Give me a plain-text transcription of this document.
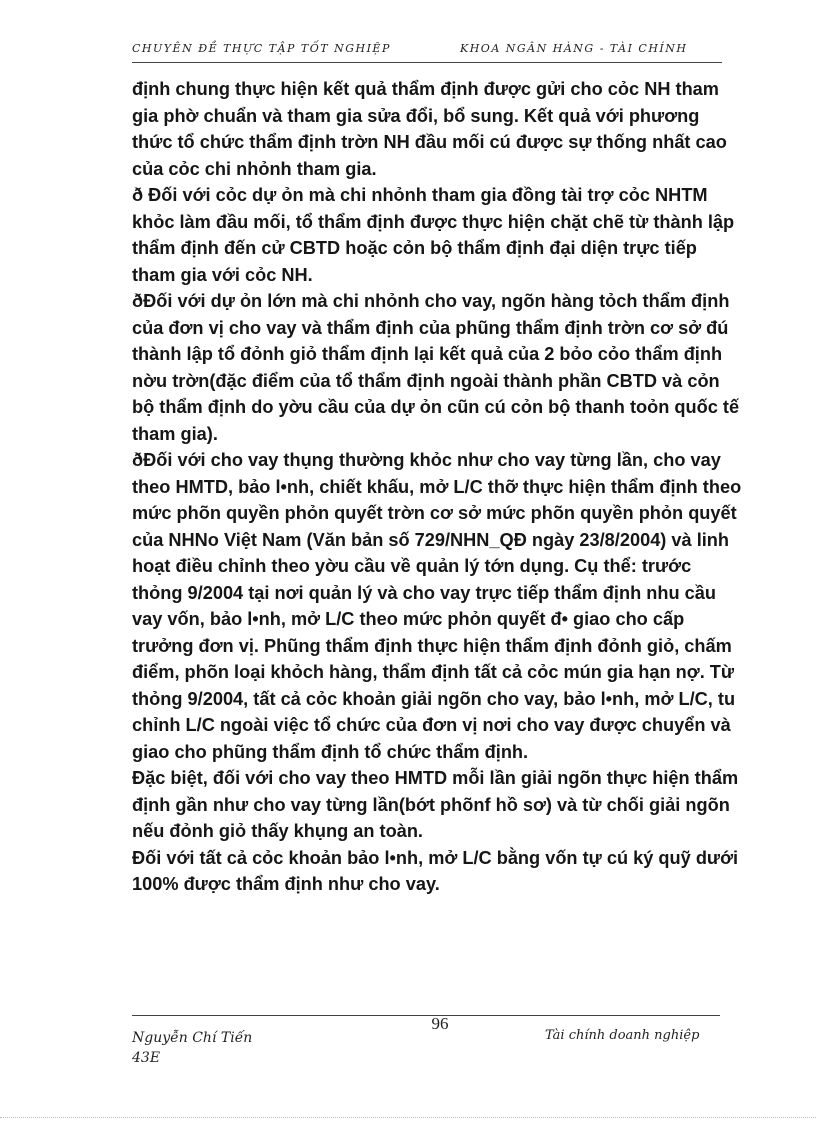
CHUYÊN ĐỀ THỰC TẬP TỐT NGHIỆP	KHOA NGÂN HÀNG - TÀI CHÍNH

định chung thực hiện kết quả thẩm định được gửi cho cỏc NH tham gia phờ chuẩn và tham gia sửa đổi, bổ sung. Kết quả với phương thức tổ chức thẩm định trờn NH đầu mối cú được sự thống nhất cao của cỏc chi nhỏnh tham gia.

ð Đối với cỏc dự ỏn mà chi nhỏnh tham gia đồng tài trợ cỏc NHTM khỏc làm đầu mối, tổ thẩm định được thực hiện chặt chẽ từ thành lập thẩm định đến cử CBTD hoặc cỏn bộ thẩm định đại diện trực tiếp tham gia với cỏc NH.

ðĐối với dự ỏn lớn mà chi nhỏnh cho vay, ngõn hàng tỏch thẩm định của đơn vị cho vay và thẩm định của phũng thẩm định trờn cơ sở đú thành lập tổ đỏnh giỏ thẩm định lại kết quả của 2 bỏo cỏo thẩm định nờu trờn(đặc điểm của tổ thẩm định ngoài thành phần CBTD và cỏn bộ thẩm định do yờu cầu của dự ỏn cũn cú cỏn bộ thanh toỏn quốc tế tham gia).

ðĐối với cho vay thụng thường khỏc như cho vay từng lần, cho vay theo HMTD, bảo l•nh, chiết khấu, mở L/C thỡ thực hiện thẩm định theo mức phõn quyền phỏn quyết trờn cơ sở mức phõn quyền phỏn quyết của NHNo Việt Nam (Văn bản số 729/NHN_QĐ ngày 23/8/2004) và linh hoạt điều chỉnh theo yờu cầu về quản lý tớn dụng. Cụ thể: trước thỏng 9/2004 tại nơi quản lý và cho vay trực tiếp thẩm định nhu cầu vay vốn, bảo l•nh, mở L/C theo mức phỏn quyết đ• giao cho cấp trưởng đơn vị. Phũng thẩm định thực hiện thẩm định đỏnh giỏ, chấm điểm, phõn loại khỏch hàng, thẩm định tất cả cỏc mún gia hạn nợ. Từ thỏng 9/2004, tất cả cỏc khoản giải ngõn cho vay, bảo l•nh, mở L/C, tu chỉnh L/C ngoài việc tổ chức của đơn vị nơi cho vay được chuyển và giao cho phũng thẩm định tổ chức thẩm định.

Đặc biệt, đối với cho vay theo HMTD mỗi lần giải ngõn thực hiện thẩm định gần như cho vay từng lần(bớt phõnf hồ sơ) và từ chối giải ngõn nếu đỏnh giỏ thấy khụng an toàn.

Đối với tất cả cỏc khoản bảo l•nh, mở L/C bằng vốn tự cú ký quỹ dưới 100% được thẩm định như cho vay.

96
Nguyễn Chí Tiến
43E
Tài chính doanh nghiệp
